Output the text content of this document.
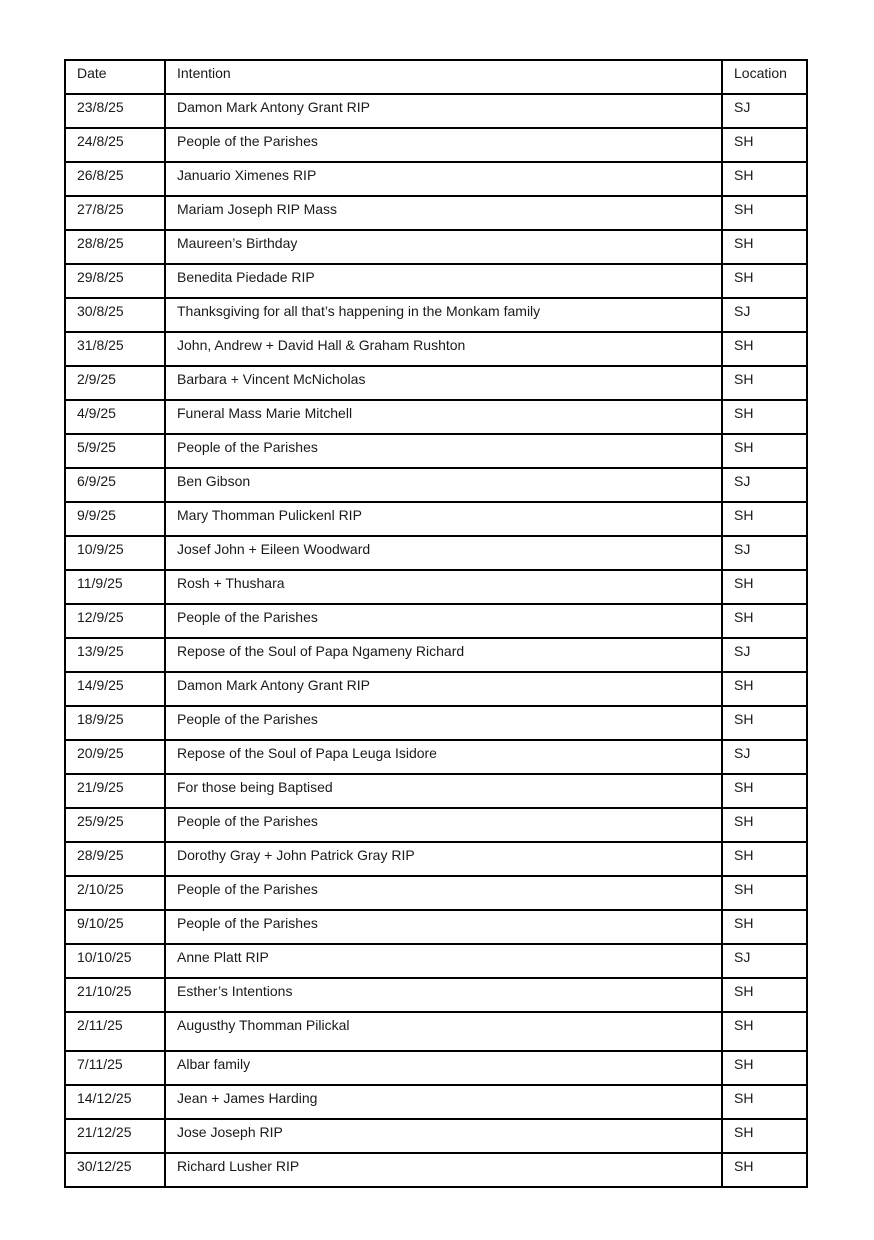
Date	Intention	Location
23/8/25	Damon Mark Antony Grant RIP	SJ
24/8/25	People of the Parishes	SH
26/8/25	Januario Ximenes RIP	SH
27/8/25	Mariam Joseph RIP Mass	SH
28/8/25	Maureen’s Birthday	SH
29/8/25	Benedita Piedade RIP	SH
30/8/25	Thanksgiving for all that’s happening in the Monkam family	SJ
31/8/25	John, Andrew + David Hall & Graham Rushton	SH
2/9/25	Barbara + Vincent McNicholas	SH
4/9/25	Funeral Mass Marie Mitchell	SH
5/9/25	People of the Parishes	SH
6/9/25	Ben Gibson	SJ
9/9/25	Mary Thomman Pulickenl RIP	SH
10/9/25	Josef John + Eileen Woodward	SJ
11/9/25	Rosh + Thushara	SH
12/9/25	People of the Parishes	SH
13/9/25	Repose of the Soul of Papa Ngameny Richard	SJ
14/9/25	Damon Mark Antony Grant RIP	SH
18/9/25	People of the Parishes	SH
20/9/25	Repose of the Soul of Papa Leuga Isidore	SJ
21/9/25	For those being Baptised	SH
25/9/25	People of the Parishes	SH
28/9/25	Dorothy Gray + John Patrick Gray RIP	SH
2/10/25	People of the Parishes	SH
9/10/25	People of the Parishes	SH
10/10/25	Anne Platt RIP	SJ
21/10/25	Esther’s Intentions	SH
2/11/25	Augusthy Thomman Pilickal	SH
7/11/25	Albar family	SH
14/12/25	Jean + James Harding	SH
21/12/25	Jose Joseph RIP	SH
30/12/25	Richard Lusher RIP	SH
